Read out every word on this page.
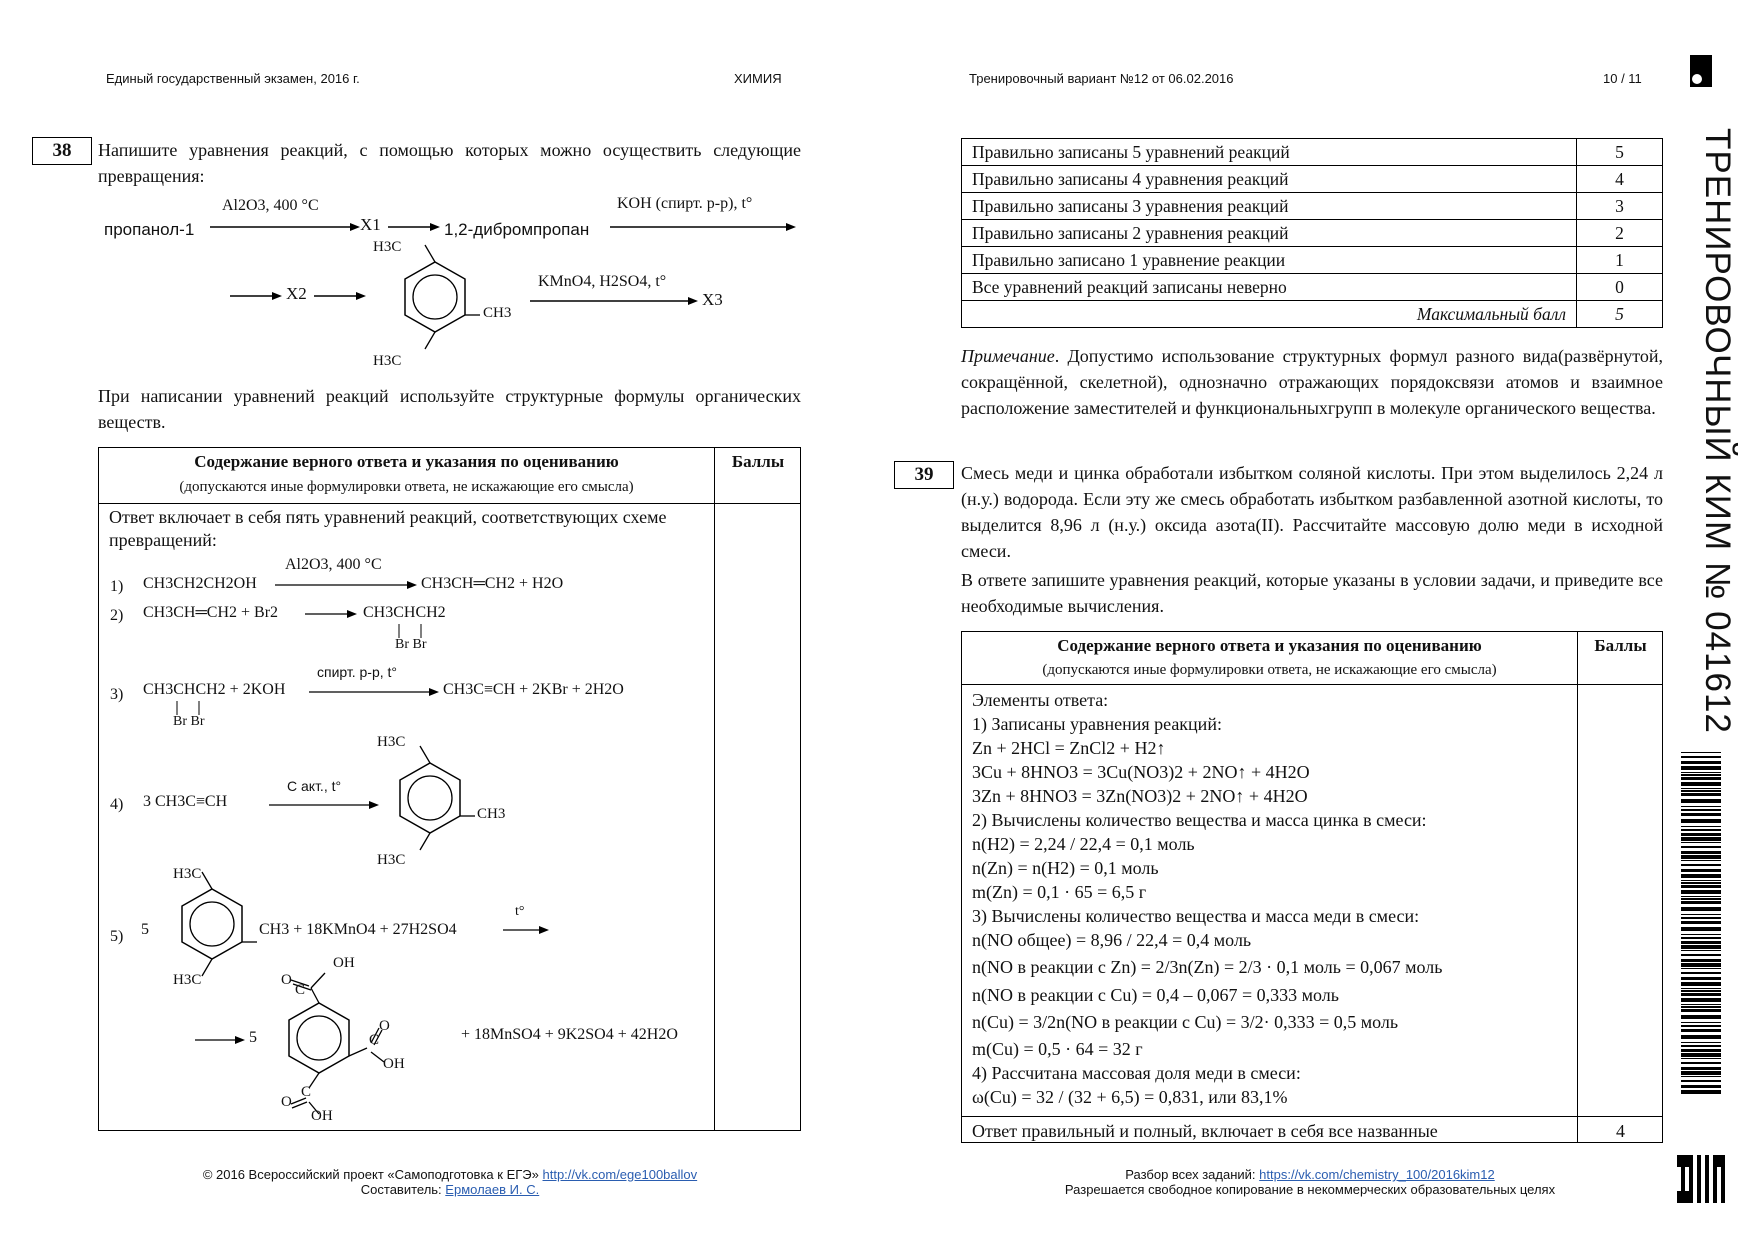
Единый государственный экзамен, 2016 г.	ХИМИЯ	Тренировочный вариант №12 от 06.02.2016	10 / 11
ТРЕНИРОВОЧНЫЙ КИМ № 041612
38	Напишите уравнения реакций, с помощью которых можно осуществить следующие превращения:
пропанол-1
Al2O3, 400 °C
X1	1,2-дибромпропан
KOH (спирт. р-р), t°
X2
H3C
CH3
H3C
KMnO4, H2SO4, t°
X3
При написании уравнений реакций используйте структурные формулы органических веществ.
Содержание верного ответа и указания по оцениванию
(допускаются иные формулировки ответа, не искажающие его смысла)
Баллы
Ответ включает в себя пять уравнений реакций, соответствующих схеме превращений:
1) CH3CH2CH2OH
Al2O3, 400 °C
CH3CH═CH2 + H2O
2) CH3CH═CH2 + Br2	CH3CHCH2
Br Br
3) CH3CHCH2 + 2KOH
Br Br
спирт. р-р, t°
CH3C≡CH + 2KBr + 2H2O
4) 3 CH3C≡CH
C акт., t°
H3C
CH3
H3C
5) 5
H3C
H3C
CH3 + 18KMnO4 + 27H2SO4
t°
5
OH
O
C
C
O
OH
C
O
OH
+ 18MnSO4 + 9K2SO4 + 42H2O
Правильно записаны 5 уравнений реакций	5
Правильно записаны 4 уравнения реакций	4
Правильно записаны 3 уравнения реакций	3
Правильно записаны 2 уравнения реакций	2
Правильно записано 1 уравнение реакции	1
Все уравнений реакций записаны неверно	0
Максимальный балл	5
Примечание. Допустимо использование структурных формул разного вида(развёрнутой, сокращённой, скелетной), однозначно отражающих порядоксвязи атомов и взаимное расположение заместителей и функциональныхгрупп в молекуле органического вещества.
39	Смесь меди и цинка обработали избытком соляной кислоты. При этом выделилось 2,24 л (н.у.) водорода. Если эту же смесь обработать избытком разбавленной азотной кислоты, то выделится 8,96 л (н.у.) оксида азота(II). Рассчитайте массовую долю меди в исходной смеси.
В ответе запишите уравнения реакций, которые указаны в условии задачи, и приведите все необходимые вычисления.
Содержание верного ответа и указания по оцениванию
(допускаются иные формулировки ответа, не искажающие его смысла)
Баллы
Элементы ответа:
1) Записаны уравнения реакций:
Zn + 2HCl = ZnCl2 + H2↑
3Cu + 8HNO3 = 3Cu(NO3)2 + 2NO↑ + 4H2O
3Zn + 8HNO3 = 3Zn(NO3)2 + 2NO↑ + 4H2O
2) Вычислены количество вещества и масса цинка в смеси:
n(H2) = 2,24 / 22,4 = 0,1 моль
n(Zn) = n(H2) = 0,1 моль
m(Zn) = 0,1 · 65 = 6,5 г
3) Вычислены количество вещества и масса меди в смеси:
n(NO общее) = 8,96 / 22,4 = 0,4 моль
n(NO в реакции с Zn) = 2/3n(Zn) = 2/3 · 0,1 моль = 0,067 моль
n(NO в реакции с Cu) = 0,4 – 0,067 = 0,333 моль
n(Cu) = 3/2n(NO в реакции с Cu) = 3/2· 0,333 = 0,5 моль
m(Cu) = 0,5 · 64 = 32 г
4) Рассчитана массовая доля меди в смеси:
ω(Cu) = 32 / (32 + 6,5) = 0,831, или 83,1%
Ответ правильный и полный, включает в себя все названные	4
© 2016 Всероссийский проект «Самоподготовка к ЕГЭ» http://vk.com/ege100ballov
Составитель: Ермолаев И. С.
Разбор всех заданий: https://vk.com/chemistry_100/2016kim12
Разрешается свободное копирование в некоммерческих образовательных целях
